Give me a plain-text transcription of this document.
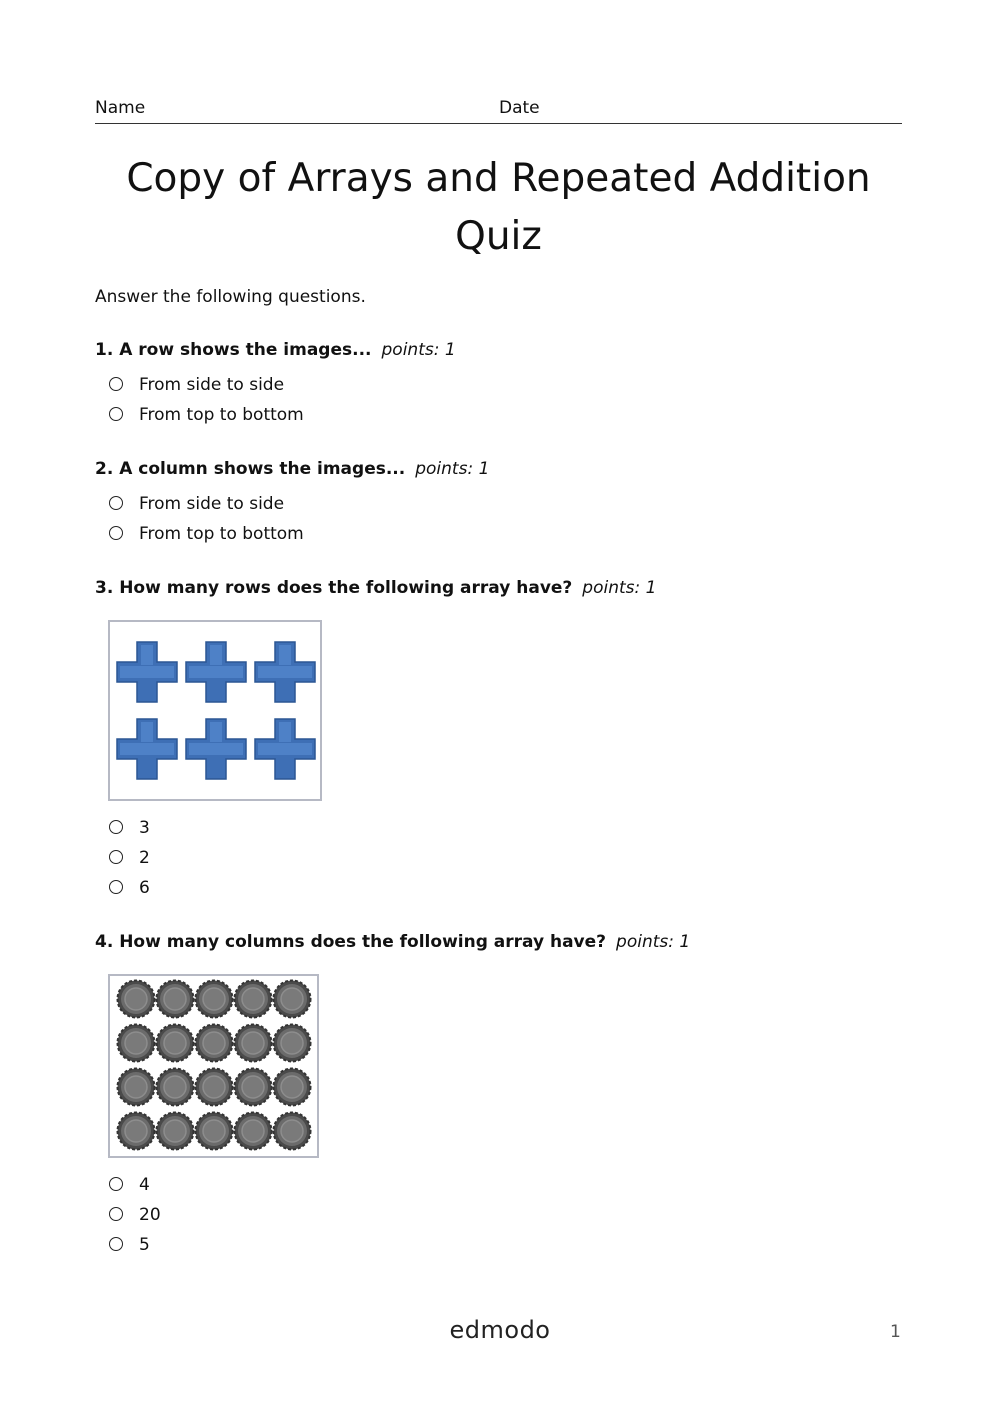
Name	Date
Copy of Arrays and Repeated Addition Quiz
Answer the following questions.
1. A row shows the images... points: 1
From side to side
From top to bottom
2. A column shows the images... points: 1
From side to side
From top to bottom
3. How many rows does the following array have? points: 1
3
2
6
4. How many columns does the following array have? points: 1
4
20
5
edmodo	1
